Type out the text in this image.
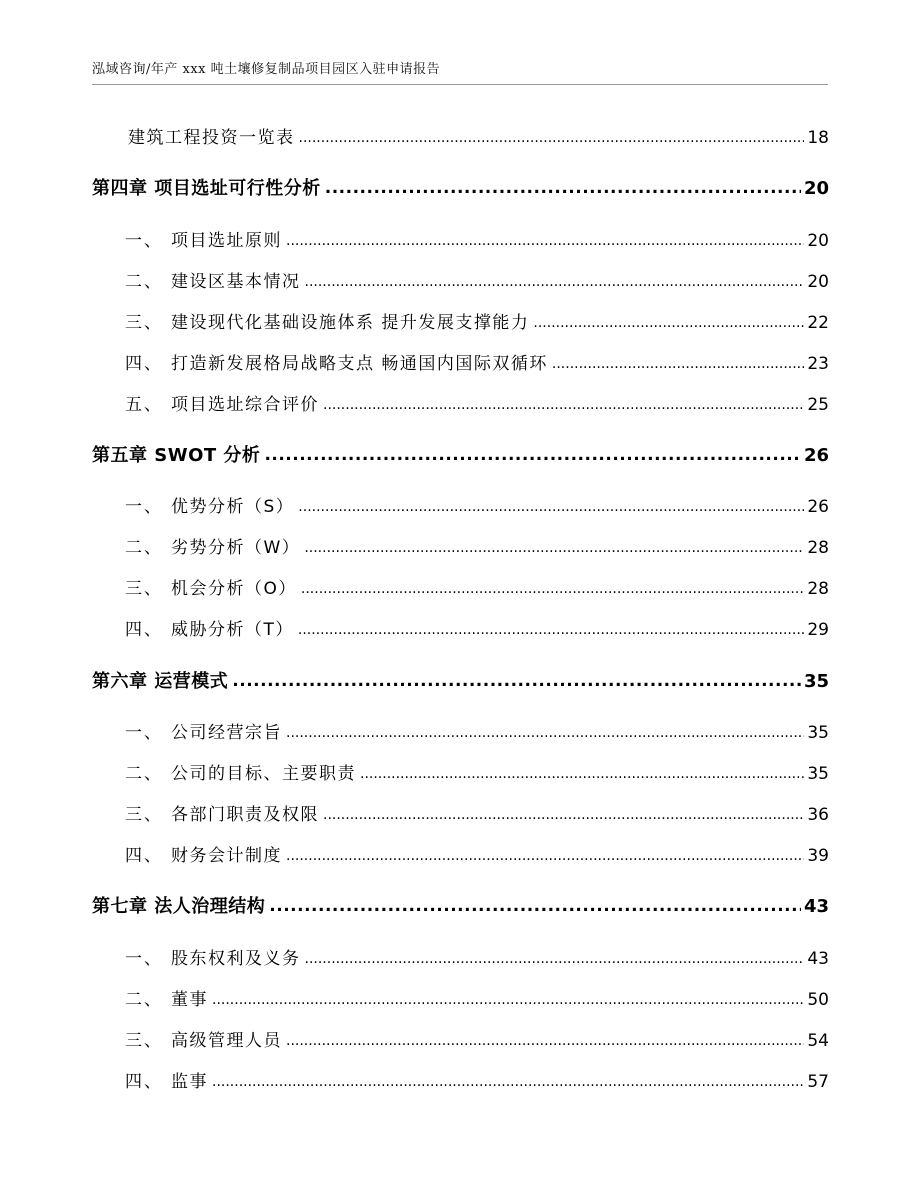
泓域咨询/年产 xxx 吨土壤修复制品项目园区入驻申请报告
建筑工程投资一览表 .....	18
第四章 项目选址可行性分析 .....	20
一、 项目选址原则 .....	20
二、 建设区基本情况 .....	20
三、 建设现代化基础设施体系 提升发展支撑能力 .....	22
四、 打造新发展格局战略支点 畅通国内国际双循环 .....	23
五、 项目选址综合评价 .....	25
第五章 SWOT 分析 .....	26
一、 优势分析（S） .....	26
二、 劣势分析（W） .....	28
三、 机会分析（O） .....	28
四、 威胁分析（T） .....	29
第六章 运营模式 .....	35
一、 公司经营宗旨 .....	35
二、 公司的目标、主要职责 .....	35
三、 各部门职责及权限 .....	36
四、 财务会计制度 .....	39
第七章 法人治理结构 .....	43
一、 股东权利及义务 .....	43
二、 董事 .....	50
三、 高级管理人员 .....	54
四、 监事 .....	57
